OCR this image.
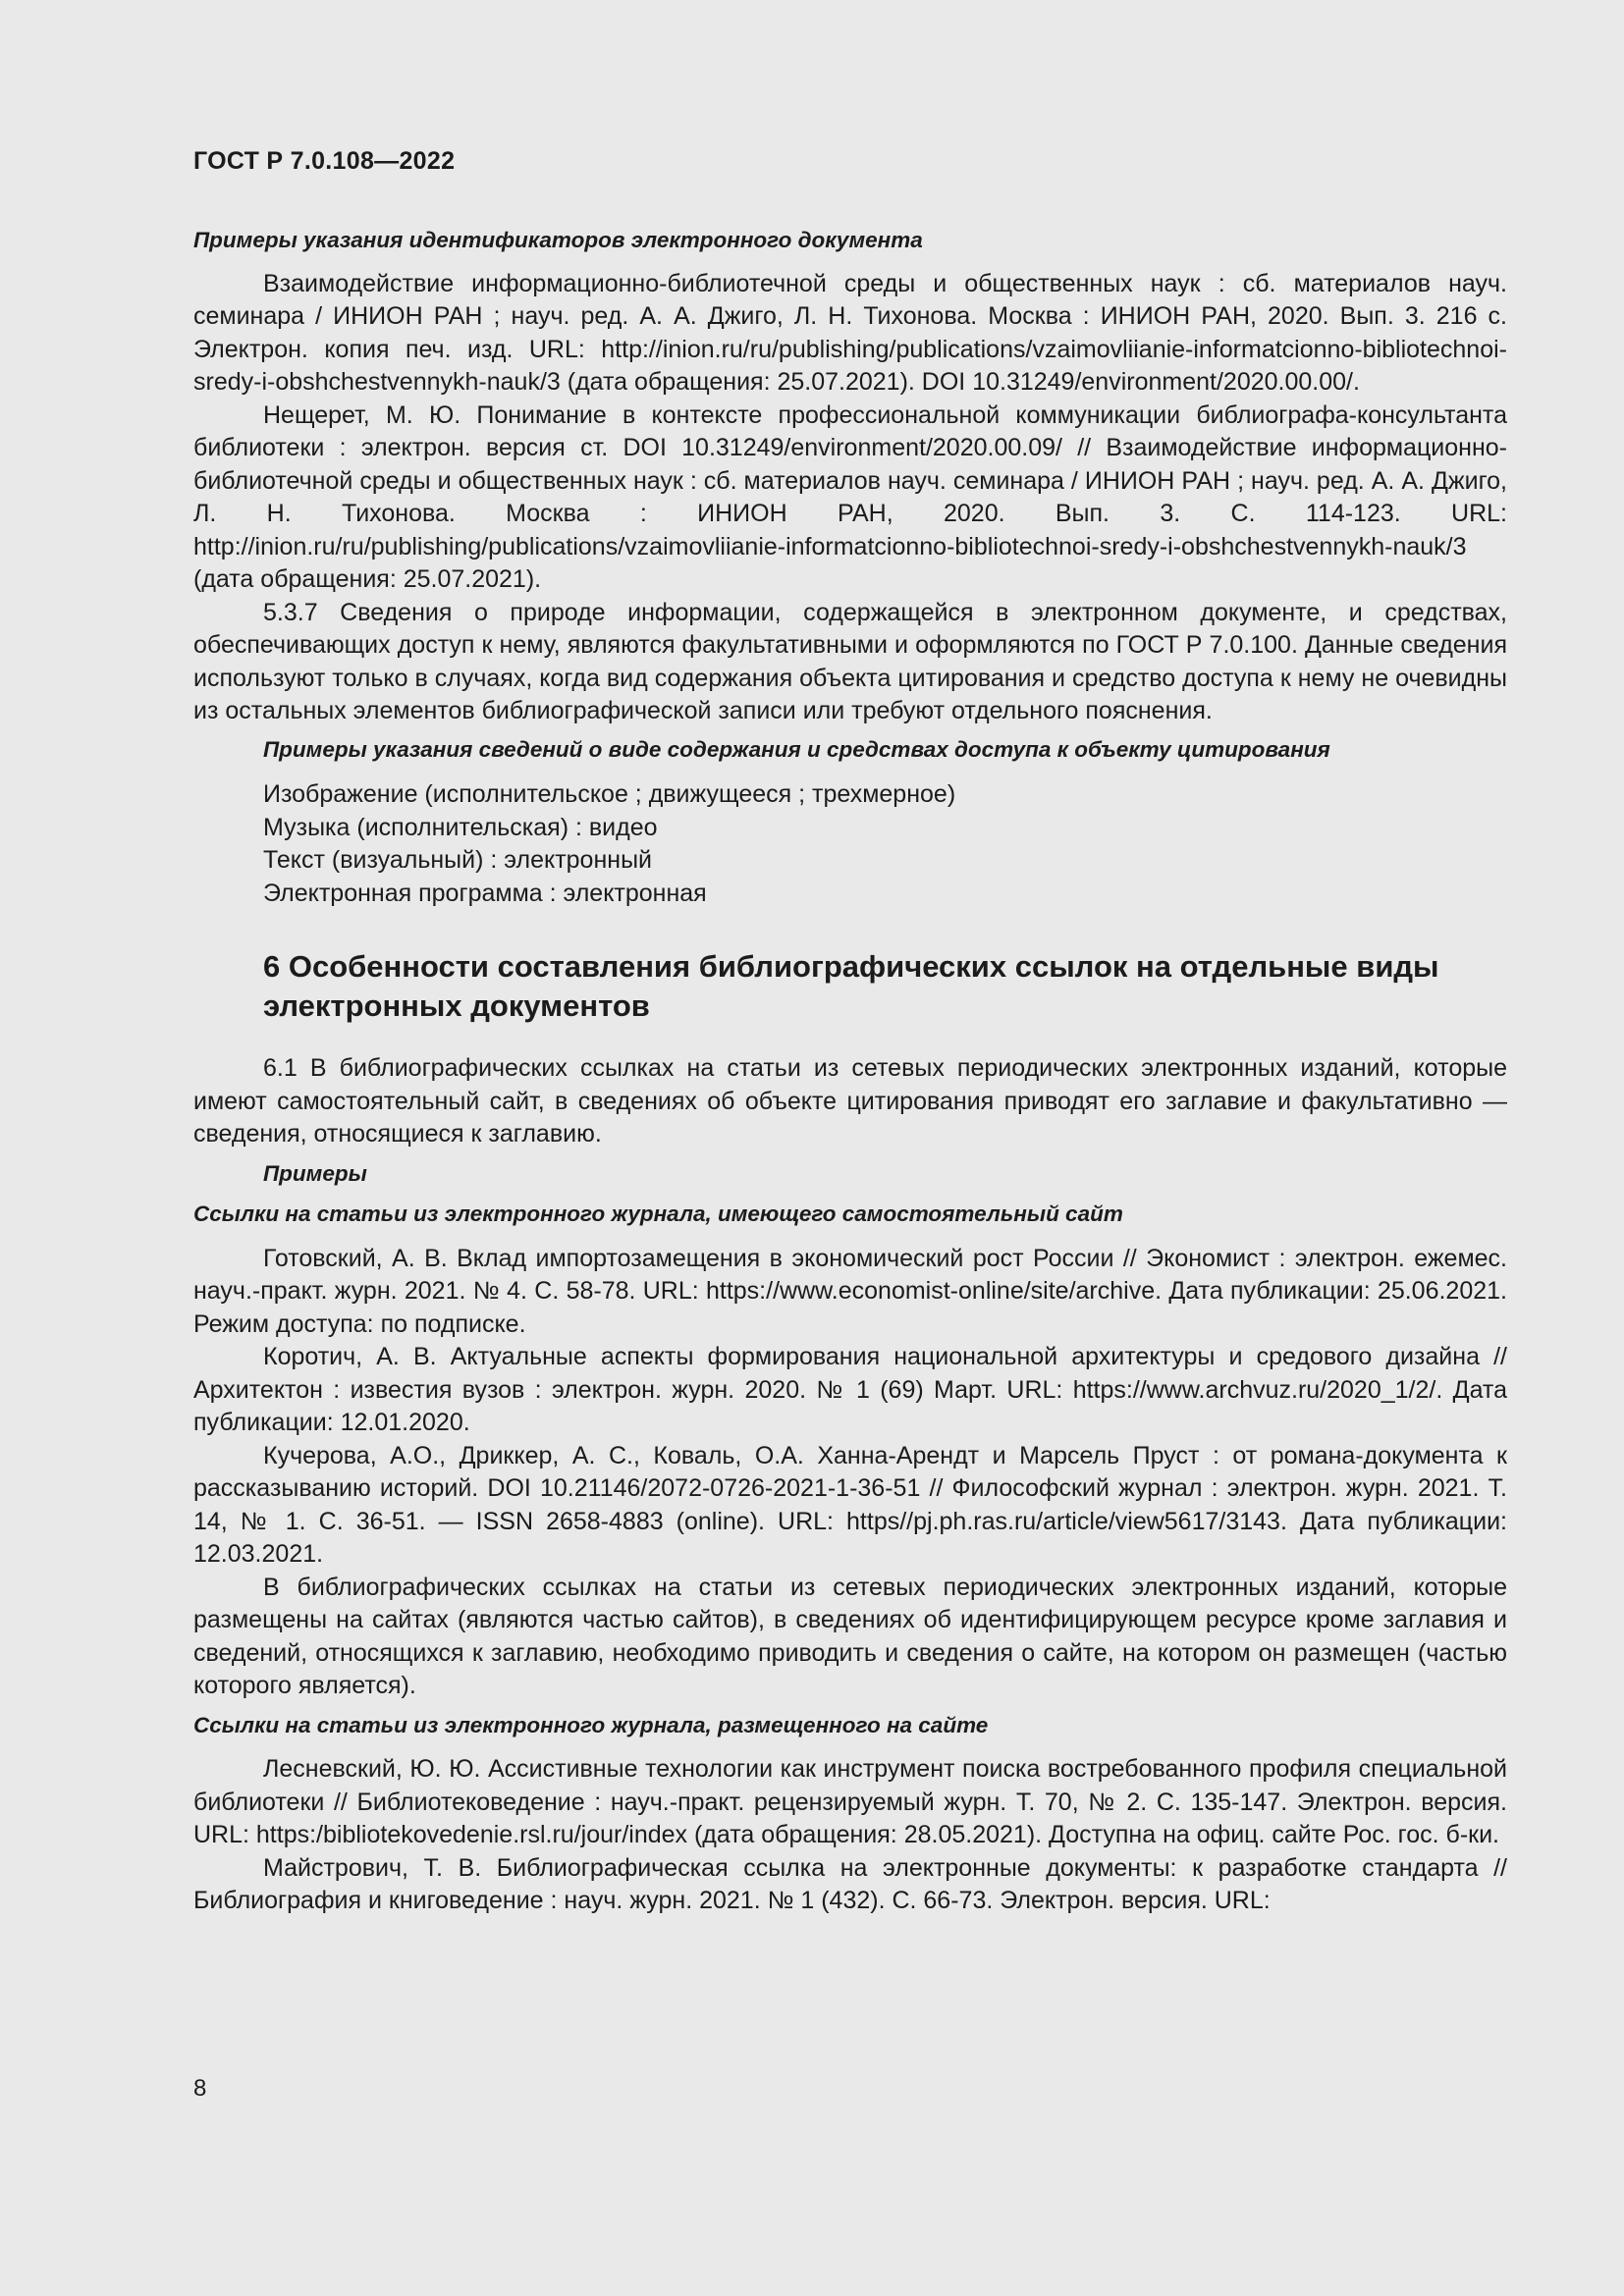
ГОСТ Р 7.0.108—2022

Примеры указания идентификаторов электронного документа

Взаимодействие информационно-библиотечной среды и общественных наук : сб. материалов науч. семинара / ИНИОН РАН ; науч. ред. А. А. Джиго, Л. Н. Тихонова. Москва : ИНИОН РАН, 2020. Вып. 3. 216 с. Электрон. копия печ. изд. URL: http://inion.ru/ru/publishing/publications/vzaimovliianie-informatcionno-bibliotechnoi-sredy-i-obshchestvennykh-nauk/3 (дата обращения: 25.07.2021). DOI 10.31249/environment/2020.00.00/.

Нещерет, М. Ю. Понимание в контексте профессиональной коммуникации библиографа-консультанта библиотеки : электрон. версия ст. DOI 10.31249/environment/2020.00.09/ // Взаимодействие информационно-библиотечной среды и общественных наук : сб. материалов науч. семинара / ИНИОН РАН ; науч. ред. А. А. Джиго, Л. Н. Тихонова. Москва : ИНИОН РАН, 2020. Вып. 3. С. 114-123. URL: http://inion.ru/ru/publishing/publications/vzaimovliianie-informatcionno-bibliotechnoi-sredy-i-obshchestvennykh-nauk/3 (дата обращения: 25.07.2021).

5.3.7 Сведения о природе информации, содержащейся в электронном документе, и средствах, обеспечивающих доступ к нему, являются факультативными и оформляются по ГОСТ Р 7.0.100. Данные сведения используют только в случаях, когда вид содержания объекта цитирования и средство доступа к нему не очевидны из остальных элементов библиографической записи или требуют отдельного пояснения.

Примеры указания сведений о виде содержания и средствах доступа к объекту цитирования

Изображение (исполнительское ; движущееся ; трехмерное)

Музыка (исполнительская) : видео

Текст (визуальный) : электронный

Электронная программа : электронная

6 Особенности составления библиографических ссылок на отдельные виды электронных документов

6.1 В библиографических ссылках на статьи из сетевых периодических электронных изданий, которые имеют самостоятельный сайт, в сведениях об объекте цитирования приводят его заглавие и факультативно — сведения, относящиеся к заглавию.

Примеры

Ссылки на статьи из электронного журнала, имеющего самостоятельный сайт

Готовский, А. В. Вклад импортозамещения в экономический рост России // Экономист : электрон. ежемес. науч.-практ. журн. 2021. № 4. С. 58-78. URL: https://www.economist-online/site/archive. Дата публикации: 25.06.2021. Режим доступа: по подписке.

Коротич, А. В. Актуальные аспекты формирования национальной архитектуры и средового дизайна // Архитектон : известия вузов : электрон. журн. 2020. № 1 (69) Март. URL: https://www.archvuz.ru/2020_1/2/. Дата публикации: 12.01.2020.

Кучерова, А.О., Дриккер, А. С., Коваль, О.А. Ханна-Арендт и Марсель Пруст : от романа-документа к рассказыванию историй. DOI 10.21146/2072-0726-2021-1-36-51 // Философский журнал : электрон. журн. 2021. Т. 14, № 1. С. 36-51. — ISSN 2658-4883 (online). URL: https//pj.ph.ras.ru/article/view5617/3143. Дата публикации: 12.03.2021.

В библиографических ссылках на статьи из сетевых периодических электронных изданий, которые размещены на сайтах (являются частью сайтов), в сведениях об идентифицирующем ресурсе кроме заглавия и сведений, относящихся к заглавию, необходимо приводить и сведения о сайте, на котором он размещен (частью которого является).

Ссылки на статьи из электронного журнала, размещенного на сайте

Лесневский, Ю. Ю. Ассистивные технологии как инструмент поиска востребованного профиля специальной библиотеки // Библиотековедение : науч.-практ. рецензируемый журн. Т. 70, № 2. С. 135-147. Электрон. версия. URL: https:/bibliotekovedenie.rsl.ru/jour/index (дата обращения: 28.05.2021). Доступна на офиц. сайте Рос. гос. б-ки.

Майстрович, Т. В. Библиографическая ссылка на электронные документы: к разработке стандарта // Библиография и книговедение : науч. журн. 2021. № 1 (432). С. 66-73. Электрон. версия. URL:

8
